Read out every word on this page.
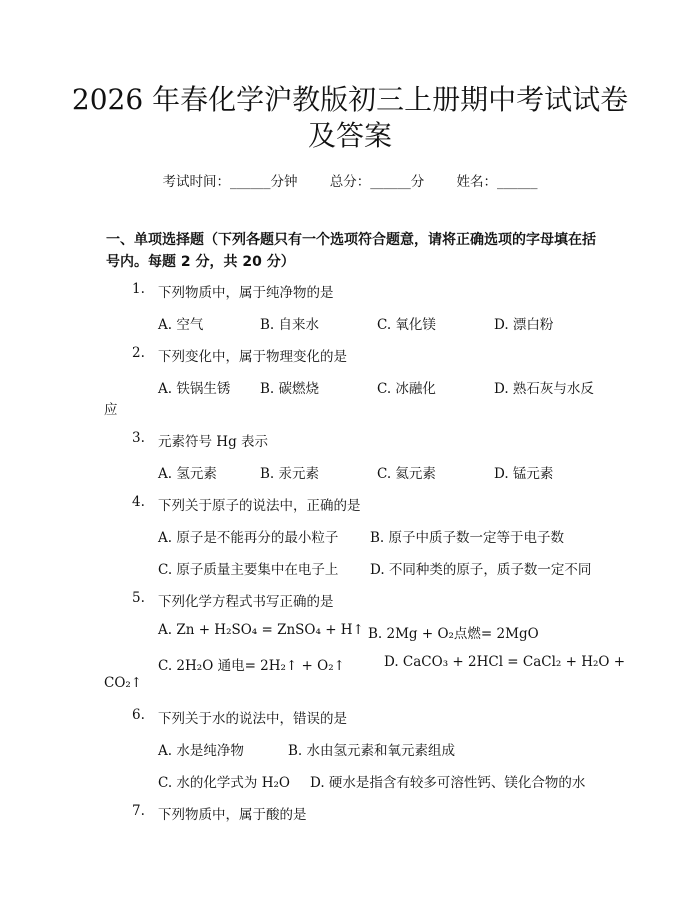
2026 年春化学沪教版初三上册期中考试试卷
及答案
考试时间：______分钟 总分：______分 姓名：______
一、单项选择题（下列各题只有一个选项符合题意，请将正确选项的字母填在括
号内。每题 2 分，共 20 分）
1. 下列物质中，属于纯净物的是
A. 空气	B. 自来水	C. 氧化镁	D. 漂白粉
2. 下列变化中，属于物理变化的是
A. 铁锅生锈 B. 碳燃烧	C. 冰融化	D. 熟石灰与水反
应
3. 元素符号 Hg 表示
A. 氢元素	B. 汞元素	C. 氦元素	D. 锰元素
4. 下列关于原子的说法中，正确的是
A. 原子是不能再分的最小粒子 B. 原子中质子数一定等于电子数
C. 原子质量主要集中在电子上 D. 不同种类的原子，质子数一定不同
5. 下列化学方程式书写正确的是
A. Zn + H₂SO₄ = ZnSO₄ + H↑ B. 2Mg + O₂点燃= 2MgO
C. 2H₂O 通电= 2H₂↑ + O₂↑	D. CaCO₃ + 2HCl = CaCl₂ + H₂O +
CO₂↑
6. 下列关于水的说法中，错误的是
A. 水是纯净物	B. 水由氢元素和氧元素组成
C. 水的化学式为 H₂O D. 硬水是指含有较多可溶性钙、镁化合物的水
7. 下列物质中，属于酸的是
